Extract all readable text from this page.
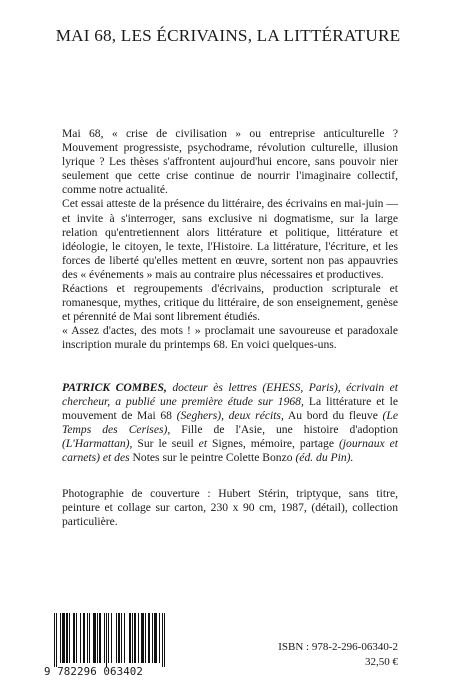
MAI 68, LES ÉCRIVAINS, LA LITTÉRATURE

Mai 68, « crise de civilisation » ou entreprise anticulturelle ? Mouvement progressiste, psychodrame, révolution culturelle, illusion lyrique ? Les thèses s'affrontent aujourd'hui encore, sans pouvoir nier seulement que cette crise continue de nourrir l'imaginaire collectif, comme notre actualité.

Cet essai atteste de la présence du littéraire, des écrivains en mai-juin — et invite à s'interroger, sans exclusive ni dogmatisme, sur la large relation qu'entretiennent alors littérature et politique, littérature et idéologie, le citoyen, le texte, l'Histoire. La littérature, l'écriture, et les forces de liberté qu'elles mettent en œuvre, sortent non pas appauvries des « événements » mais au contraire plus nécessaires et productives.

Réactions et regroupements d'écrivains, production scripturale et romanesque, mythes, critique du littéraire, de son enseignement, genèse et pérennité de Mai sont librement étudiés.

« Assez d'actes, des mots ! » proclamait une savoureuse et paradoxale inscription murale du printemps 68. En voici quelques-uns.

PATRICK COMBES, docteur ès lettres (EHESS, Paris), écrivain et chercheur, a publié une première étude sur 1968, La littérature et le mouvement de Mai 68 (Seghers), deux récits, Au bord du fleuve (Le Temps des Cerises), Fille de l'Asie, une histoire d'adoption (L'Harmattan), Sur le seuil et Signes, mémoire, partage (journaux et carnets) et des Notes sur le peintre Colette Bonzo (éd. du Pin).

Photographie de couverture : Hubert Stérin, triptyque, sans titre, peinture et collage sur carton, 230 x 90 cm, 1987, (détail), collection particulière.

9 782296 063402
ISBN : 978-2-296-06340-2
32,50 €
